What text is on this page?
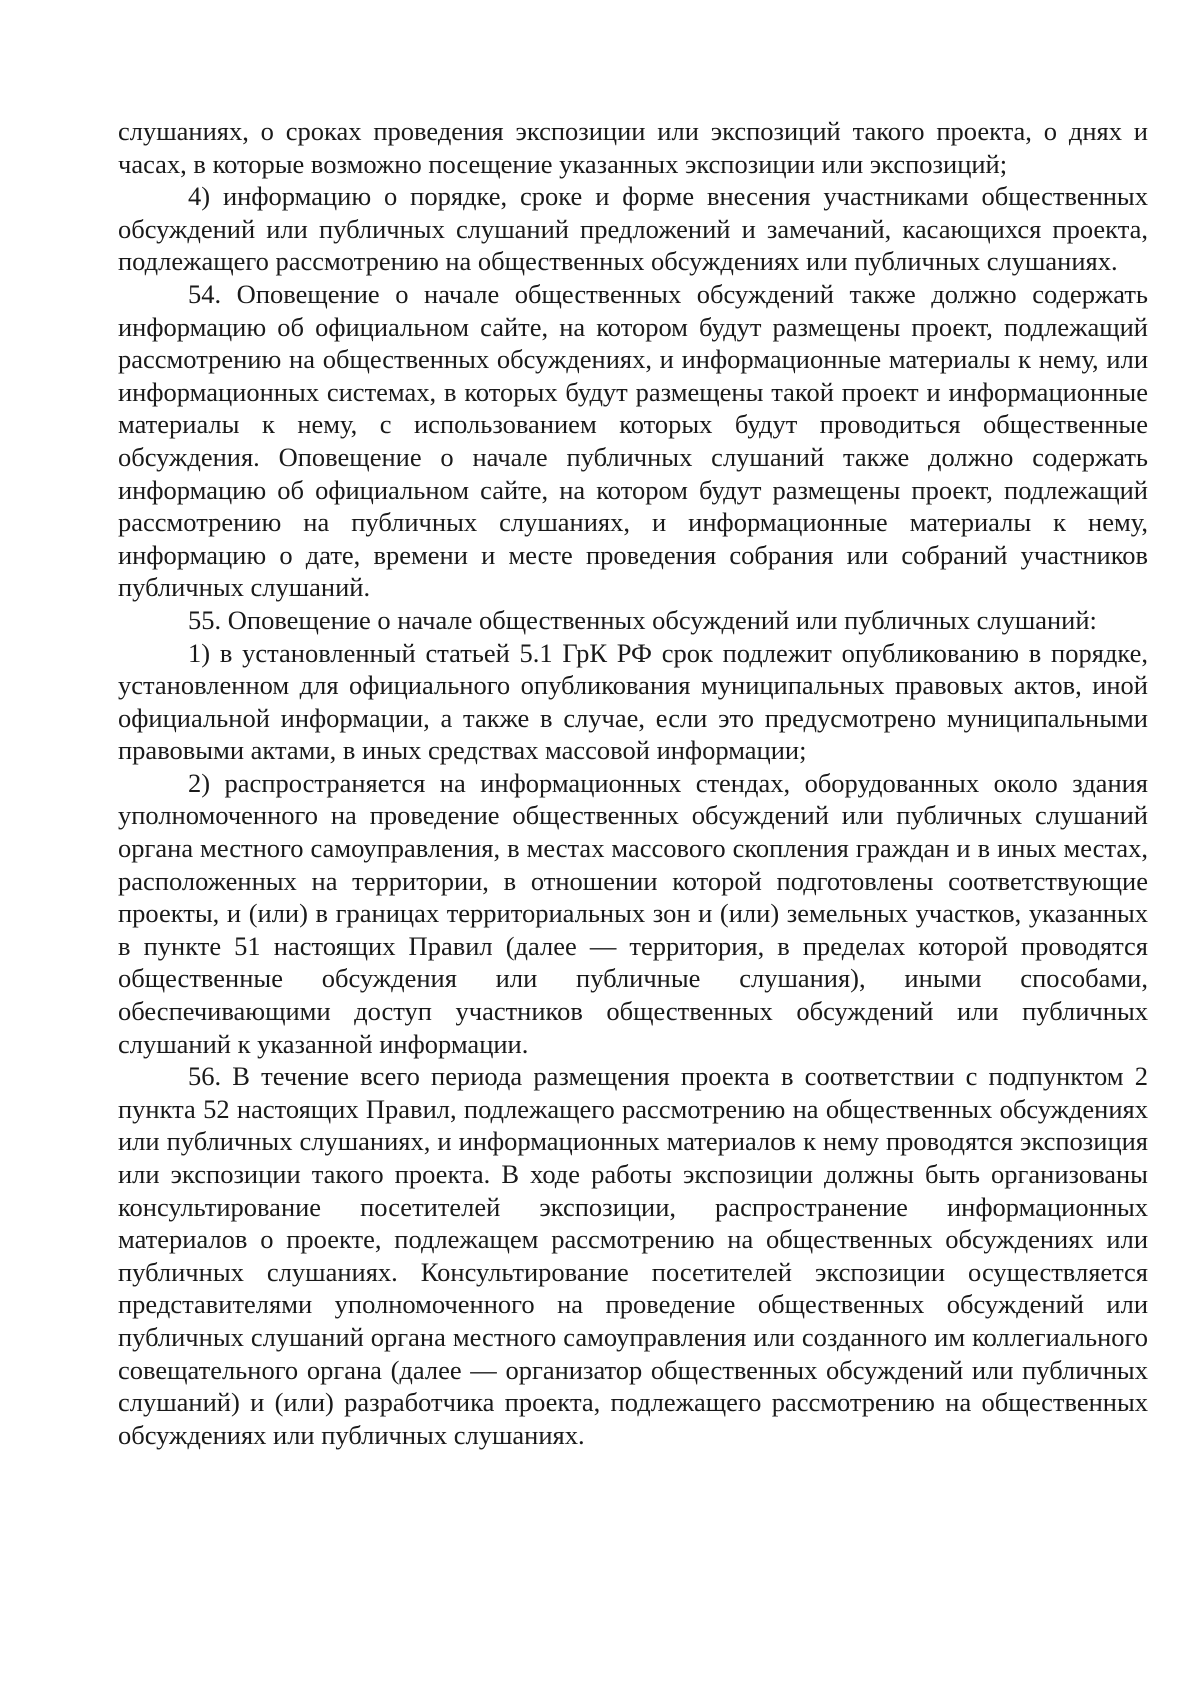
слушаниях, о сроках проведения экспозиции или экспозиций такого проекта, о днях и часах, в которые возможно посещение указанных экспозиции или экспозиций;

4) информацию о порядке, сроке и форме внесения участниками общественных обсуждений или публичных слушаний предложений и замечаний, касающихся проекта, подлежащего рассмотрению на общественных обсуждениях или публичных слушаниях.

54. Оповещение о начале общественных обсуждений также должно содержать информацию об официальном сайте, на котором будут размещены проект, подлежащий рассмотрению на общественных обсуждениях, и информационные материалы к нему, или информационных системах, в которых будут размещены такой проект и информационные материалы к нему, с использованием которых будут проводиться общественные обсуждения. Оповещение о начале публичных слушаний также должно содержать информацию об официальном сайте, на котором будут размещены проект, подлежащий рассмотрению на публичных слушаниях, и информационные материалы к нему, информацию о дате, времени и месте проведения собрания или собраний участников публичных слушаний.

55. Оповещение о начале общественных обсуждений или публичных слушаний:

1) в установленный статьей 5.1 ГрК РФ срок подлежит опубликованию в порядке, установленном для официального опубликования муниципальных правовых актов, иной официальной информации, а также в случае, если это предусмотрено муниципальными правовыми актами, в иных средствах массовой информации;

2) распространяется на информационных стендах, оборудованных около здания уполномоченного на проведение общественных обсуждений или публичных слушаний органа местного самоуправления, в местах массового скопления граждан и в иных местах, расположенных на территории, в отношении которой подготовлены соответствующие проекты, и (или) в границах территориальных зон и (или) земельных участков, указанных в пункте 51 настоящих Правил (далее — территория, в пределах которой проводятся общественные обсуждения или публичные слушания), иными способами, обеспечивающими доступ участников общественных обсуждений или публичных слушаний к указанной информации.

56. В течение всего периода размещения проекта в соответствии с подпунктом 2 пункта 52 настоящих Правил, подлежащего рассмотрению на общественных обсуждениях или публичных слушаниях, и информационных материалов к нему проводятся экспозиция или экспозиции такого проекта. В ходе работы экспозиции должны быть организованы консультирование посетителей экспозиции, распространение информационных материалов о проекте, подлежащем рассмотрению на общественных обсуждениях или публичных слушаниях. Консультирование посетителей экспозиции осуществляется представителями уполномоченного на проведение общественных обсуждений или публичных слушаний органа местного самоуправления или созданного им коллегиального совещательного органа (далее — организатор общественных обсуждений или публичных слушаний) и (или) разработчика проекта, подлежащего рассмотрению на общественных обсуждениях или публичных слушаниях.
